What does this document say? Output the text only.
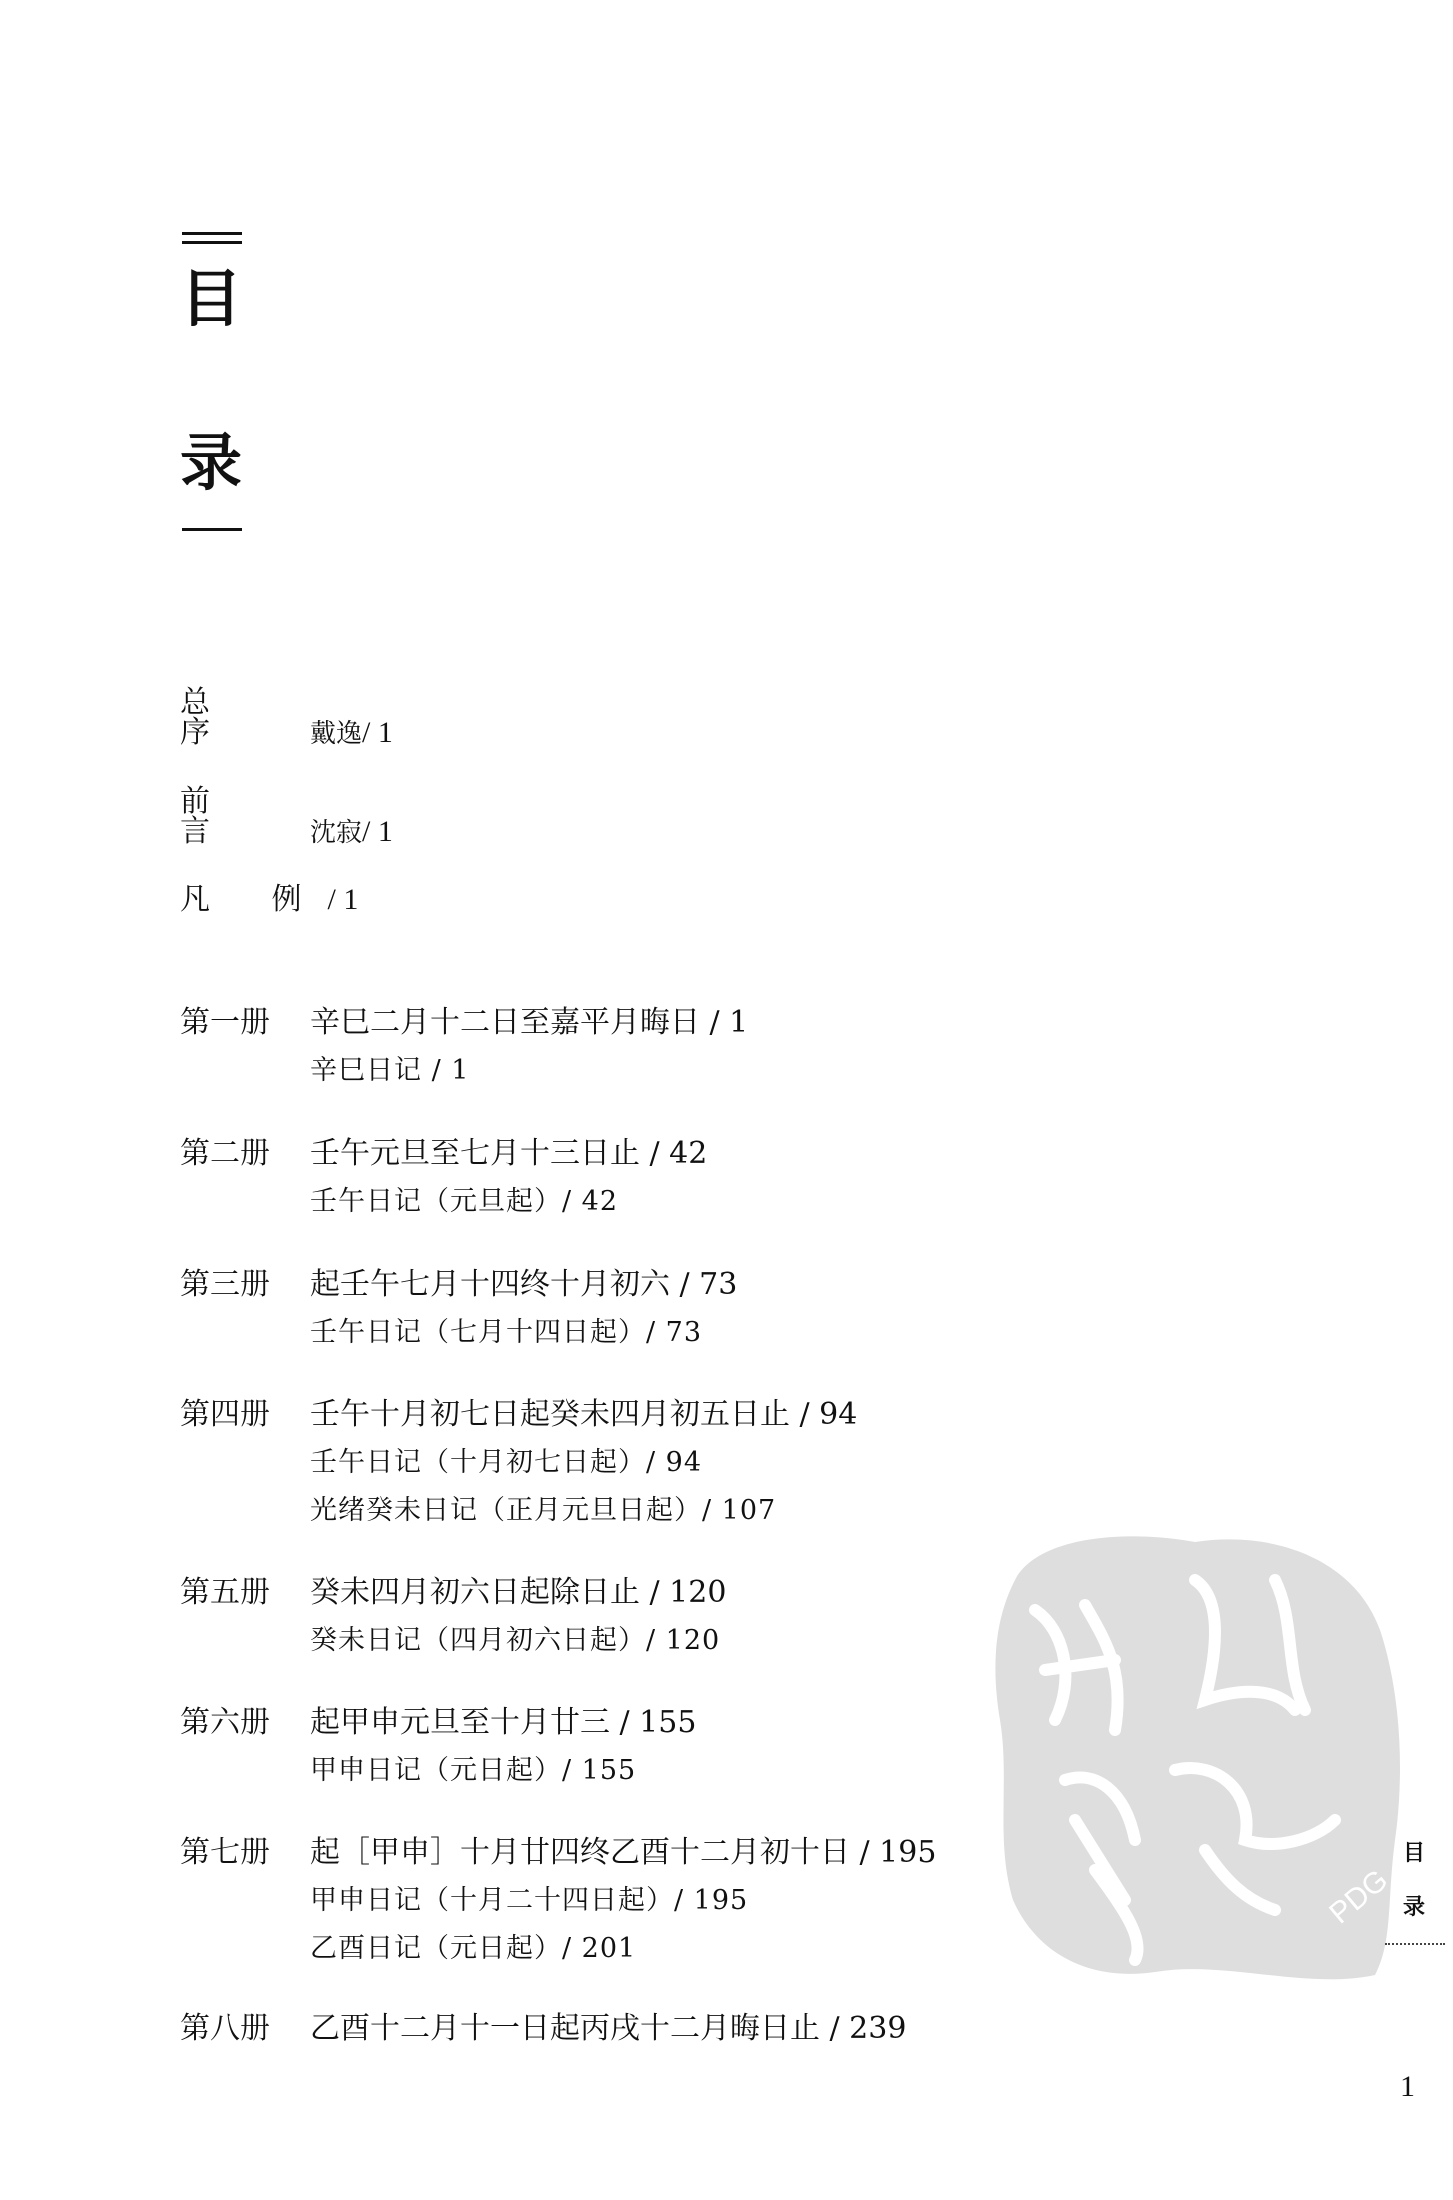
目
录
总 序	戴逸/ 1
前 言	沈寂/ 1
凡 例/ 1
第一册	辛巳二月十二日至嘉平月晦日 / 1
辛巳日记 / 1
第二册	壬午元旦至七月十三日止 / 42
壬午日记（元旦起）/ 42
第三册	起壬午七月十四终十月初六 / 73
壬午日记（七月十四日起）/ 73
第四册	壬午十月初七日起癸未四月初五日止 / 94
壬午日记（十月初七日起）/ 94
光绪癸未日记（正月元旦日起）/ 107
第五册	癸未四月初六日起除日止 / 120
癸未日记（四月初六日起）/ 120
第六册	起甲申元旦至十月廿三 / 155
甲申日记（元日起）/ 155
第七册	起［甲申］十月廿四终乙酉十二月初十日 / 195
甲申日记（十月二十四日起）/ 195
乙酉日记（元日起）/ 201
第八册	乙酉十二月十一日起丙戌十二月晦日止 / 239
PDG
目
录
1
